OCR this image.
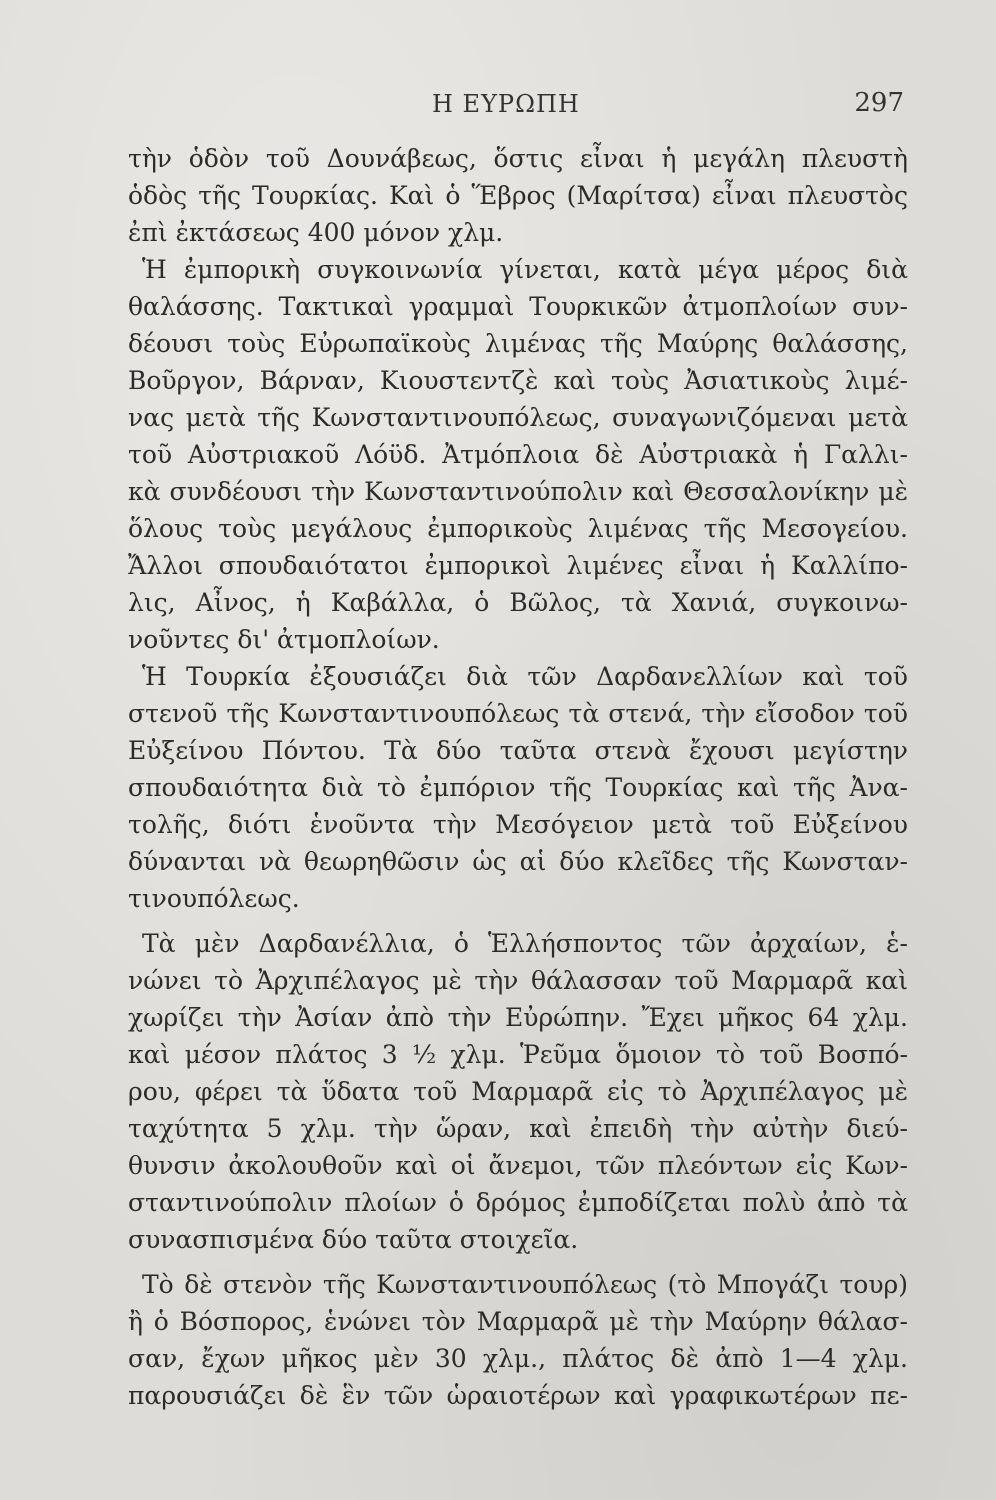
Η ΕΥΡΩΠΗ	297
τὴν ὁδὸν τοῦ Δουνάβεως, ὅστις εἶναι ἡ μεγάλη πλευστὴ
ὁδὸς τῆς Τουρκίας. Καὶ ὁ Ἕβρος (Μαρίτσα) εἶναι πλευστὸς
ἐπὶ ἐκτάσεως 400 μόνον χλμ.
Ἡ ἐμπορικὴ συγκοινωνία γίνεται, κατὰ μέγα μέρος διὰ
θαλάσσης. Τακτικαὶ γραμμαὶ Τουρκικῶν ἀτμοπλοίων συν-
δέουσι τοὺς Εὐρωπαϊκοὺς λιμένας τῆς Μαύρης θαλάσσης,
Βοῦργον, Βάρναν, Κιουστεντζὲ καὶ τοὺς Ἀσιατικοὺς λιμέ-
νας μετὰ τῆς Κωνσταντινουπόλεως, συναγωνιζόμεναι μετὰ
τοῦ Αὐστριακοῦ Λόϋδ. Ἀτμόπλοια δὲ Αὐστριακὰ ἡ Γαλλι-
κὰ συνδέουσι τὴν Κωνσταντινούπολιν καὶ Θεσσαλονίκην μὲ
ὅλους τοὺς μεγάλους ἐμπορικοὺς λιμένας τῆς Μεσογείου.
Ἄλλοι σπουδαιότατοι ἐμπορικοὶ λιμένες εἶναι ἡ Καλλίπο-
λις, Αἶνος, ἡ Καβάλλα, ὁ Βῶλος, τὰ Χανιά, συγκοινω-
νοῦντες δι' ἀτμοπλοίων.
Ἡ Τουρκία ἐξουσιάζει διὰ τῶν Δαρδανελλίων καὶ τοῦ
στενοῦ τῆς Κωνσταντινουπόλεως τὰ στενά, τὴν εἴσοδον τοῦ
Εὐξείνου Πόντου. Τὰ δύο ταῦτα στενὰ ἔχουσι μεγίστην
σπουδαιότητα διὰ τὸ ἐμπόριον τῆς Τουρκίας καὶ τῆς Ἀνα-
τολῆς, διότι ἑνοῦντα τὴν Μεσόγειον μετὰ τοῦ Εὐξείνου
δύνανται νὰ θεωρηθῶσιν ὡς αἱ δύο κλεῖδες τῆς Κωνσταν-
τινουπόλεως.
Τὰ μὲν Δαρδανέλλια, ὁ Ἑλλήσποντος τῶν ἀρχαίων, ἑ-
νώνει τὸ Ἀρχιπέλαγος μὲ τὴν θάλασσαν τοῦ Μαρμαρᾶ καὶ
χωρίζει τὴν Ἀσίαν ἀπὸ τὴν Εὐρώπην. Ἔχει μῆκος 64 χλμ.
καὶ μέσον πλάτος 3 ½ χλμ. Ῥεῦμα ὅμοιον τὸ τοῦ Βοσπό-
ρου, φέρει τὰ ὕδατα τοῦ Μαρμαρᾶ εἰς τὸ Ἀρχιπέλαγος μὲ
ταχύτητα 5 χλμ. τὴν ὥραν, καὶ ἐπειδὴ τὴν αὐτὴν διεύ-
θυνσιν ἀκολουθοῦν καὶ οἱ ἄνεμοι, τῶν πλεόντων εἰς Κων-
σταντινούπολιν πλοίων ὁ δρόμος ἐμποδίζεται πολὺ ἀπὸ τὰ
συνασπισμένα δύο ταῦτα στοιχεῖα.
Τὸ δὲ στενὸν τῆς Κωνσταντινουπόλεως (τὸ Μπογάζι τουρ)
ἢ ὁ Βόσπορος, ἑνώνει τὸν Μαρμαρᾶ μὲ τὴν Μαύρην θάλασ-
σαν, ἔχων μῆκος μὲν 30 χλμ., πλάτος δὲ ἀπὸ 1—4 χλμ.
παρουσιάζει δὲ ἓν τῶν ὡραιοτέρων καὶ γραφικωτέρων πε-
